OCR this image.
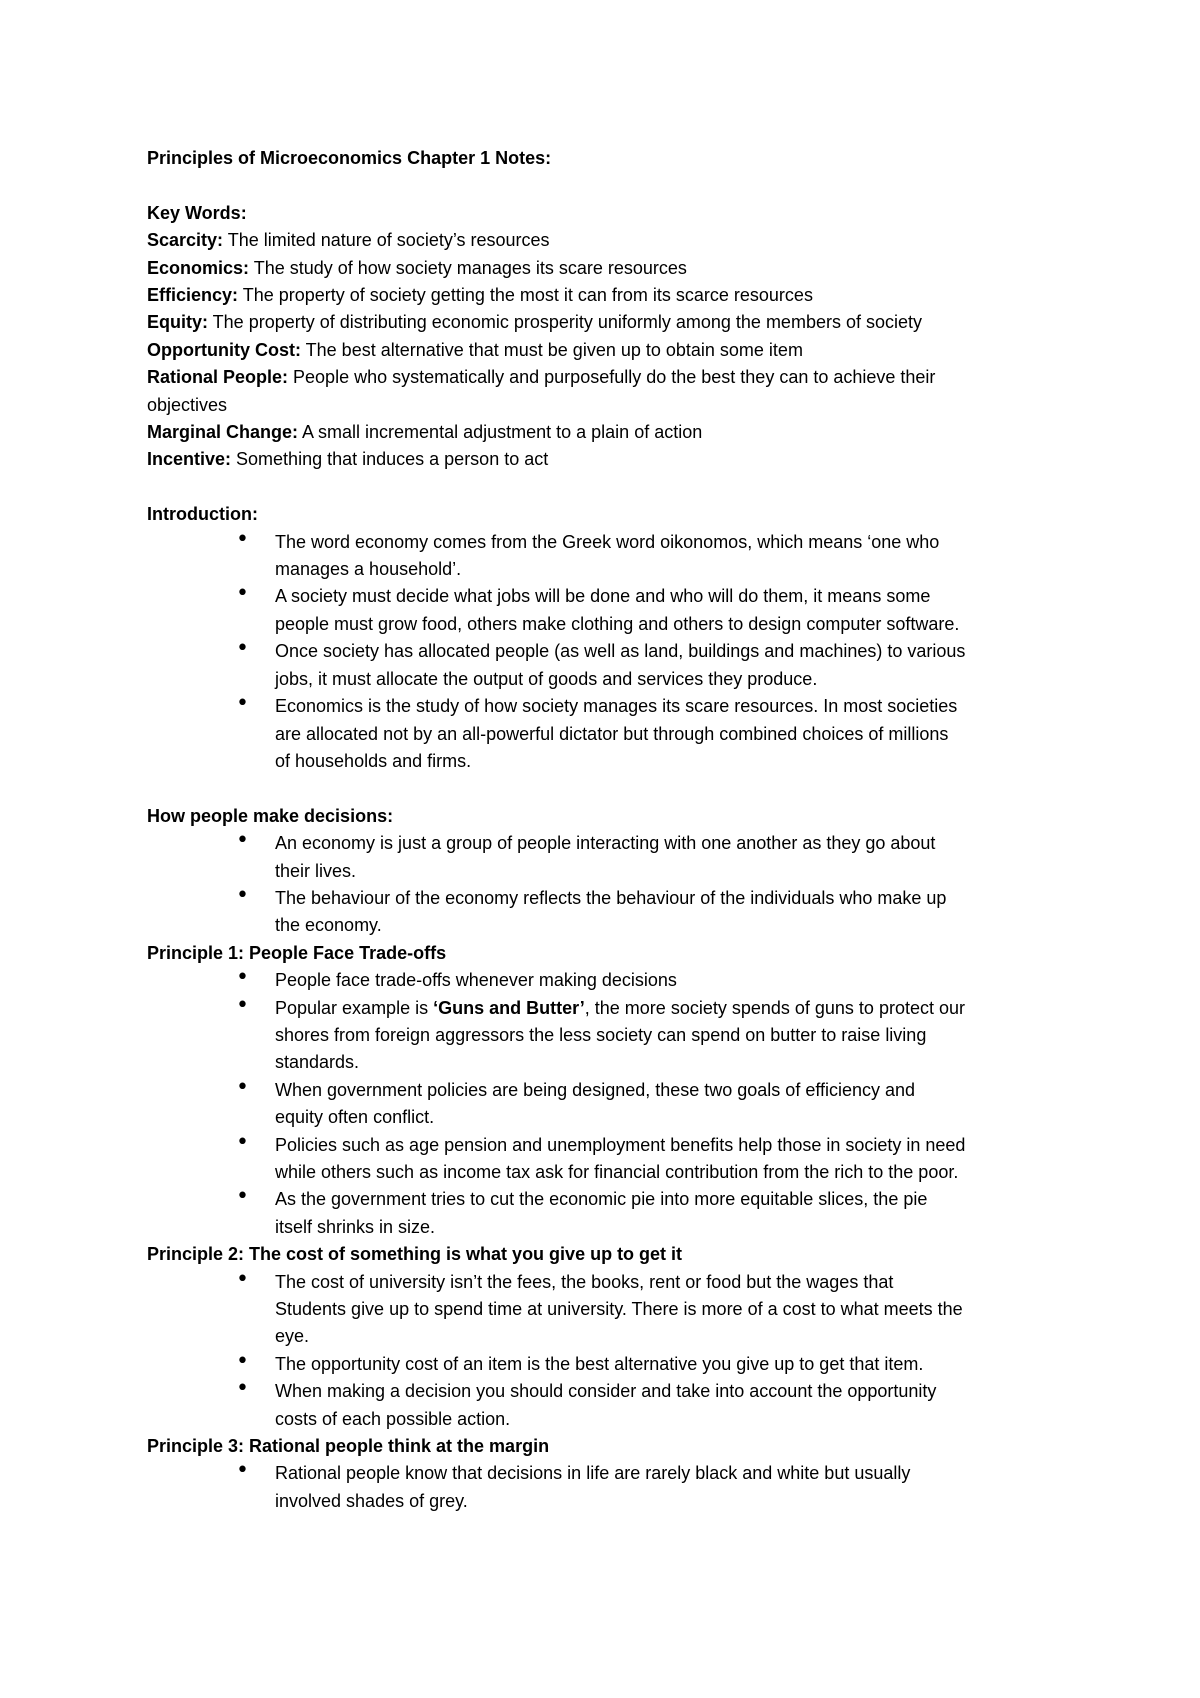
Principles of Microeconomics Chapter 1 Notes:
Key Words:
Scarcity: The limited nature of society’s resources
Economics: The study of how society manages its scare resources
Efficiency: The property of society getting the most it can from its scarce resources
Equity: The property of distributing economic prosperity uniformly among the members of society
Opportunity Cost: The best alternative that must be given up to obtain some item
Rational People: People who systematically and purposefully do the best they can to achieve their
objectives
Marginal Change: A small incremental adjustment to a plain of action
Incentive: Something that induces a person to act
Introduction:
• The word economy comes from the Greek word oikonomos, which means ‘one who
manages a household’.
• A society must decide what jobs will be done and who will do them, it means some
people must grow food, others make clothing and others to design computer software.
• Once society has allocated people (as well as land, buildings and machines) to various
jobs, it must allocate the output of goods and services they produce.
• Economics is the study of how society manages its scare resources. In most societies
are allocated not by an all-powerful dictator but through combined choices of millions
of households and firms.
How people make decisions:
• An economy is just a group of people interacting with one another as they go about
their lives.
• The behaviour of the economy reflects the behaviour of the individuals who make up
the economy.
Principle 1: People Face Trade-offs
• People face trade-offs whenever making decisions
• Popular example is ‘Guns and Butter’, the more society spends of guns to protect our
shores from foreign aggressors the less society can spend on butter to raise living
standards.
• When government policies are being designed, these two goals of efficiency and
equity often conflict.
• Policies such as age pension and unemployment benefits help those in society in need
while others such as income tax ask for financial contribution from the rich to the poor.
• As the government tries to cut the economic pie into more equitable slices, the pie
itself shrinks in size.
Principle 2: The cost of something is what you give up to get it
• The cost of university isn’t the fees, the books, rent or food but the wages that
Students give up to spend time at university. There is more of a cost to what meets the
eye.
• The opportunity cost of an item is the best alternative you give up to get that item.
• When making a decision you should consider and take into account the opportunity
costs of each possible action.
Principle 3: Rational people think at the margin
• Rational people know that decisions in life are rarely black and white but usually
involved shades of grey.
